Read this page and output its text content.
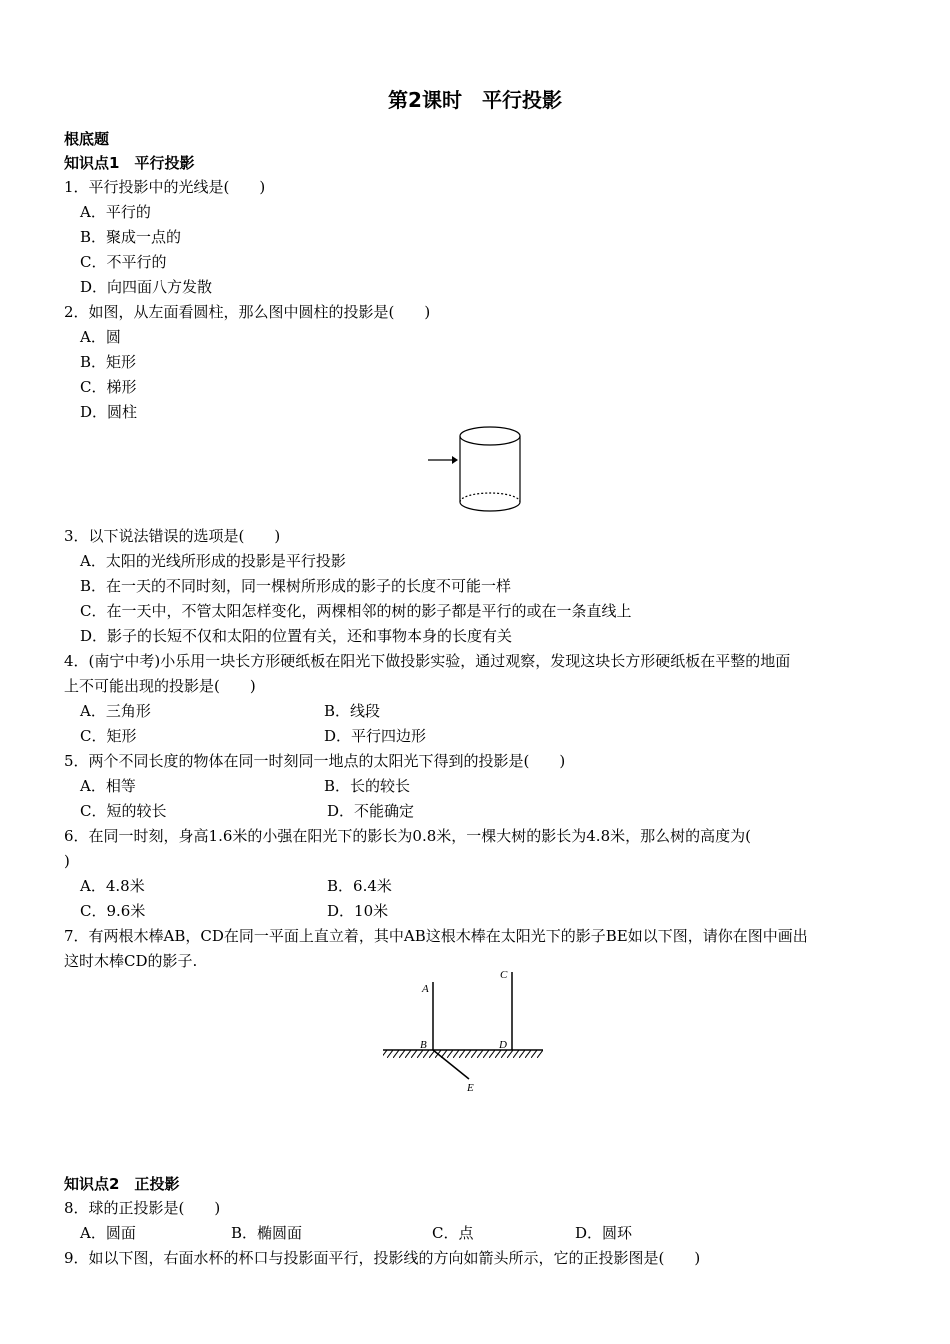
第2课时　平行投影
根底题
知识点1　平行投影
1．平行投影中的光线是(　　)
A．平行的
B．聚成一点的
C．不平行的
D．向四面八方发散
2．如图，从左面看圆柱，那么图中圆柱的投影是(　　)
A．圆
B．矩形
C．梯形
D．圆柱
3．以下说法错误的选项是(　　)
A．太阳的光线所形成的投影是平行投影
B．在一天的不同时刻，同一棵树所形成的影子的长度不可能一样
C．在一天中，不管太阳怎样变化，两棵相邻的树的影子都是平行的或在一条直线上
D．影子的长短不仅和太阳的位置有关，还和事物本身的长度有关
4．(南宁中考)小乐用一块长方形硬纸板在阳光下做投影实验，通过观察，发现这块长方形硬纸板在平整的地面
上不可能出现的投影是(　　)
A．三角形	B．线段
C．矩形	D．平行四边形
5．两个不同长度的物体在同一时刻同一地点的太阳光下得到的投影是(　　)
A．相等	B．长的较长
C．短的较长	D．不能确定
6．在同一时刻，身高1.6米的小强在阳光下的影长为0.8米，一棵大树的影长为4.8米，那么树的高度为(
)
A．4.8米	B．6.4米
C．9.6米	D．10米
7．有两根木棒AB，CD在同一平面上直立着，其中AB这根木棒在太阳光下的影子BE如以下图，请你在图中画出
这时木棒CD的影子.
A
B
C
D
E
知识点2　正投影
8．球的正投影是(　　)
A．圆面	B．椭圆面	C．点	D．圆环
9．如以下图，右面水杯的杯口与投影面平行，投影线的方向如箭头所示，它的正投影图是(　　)
